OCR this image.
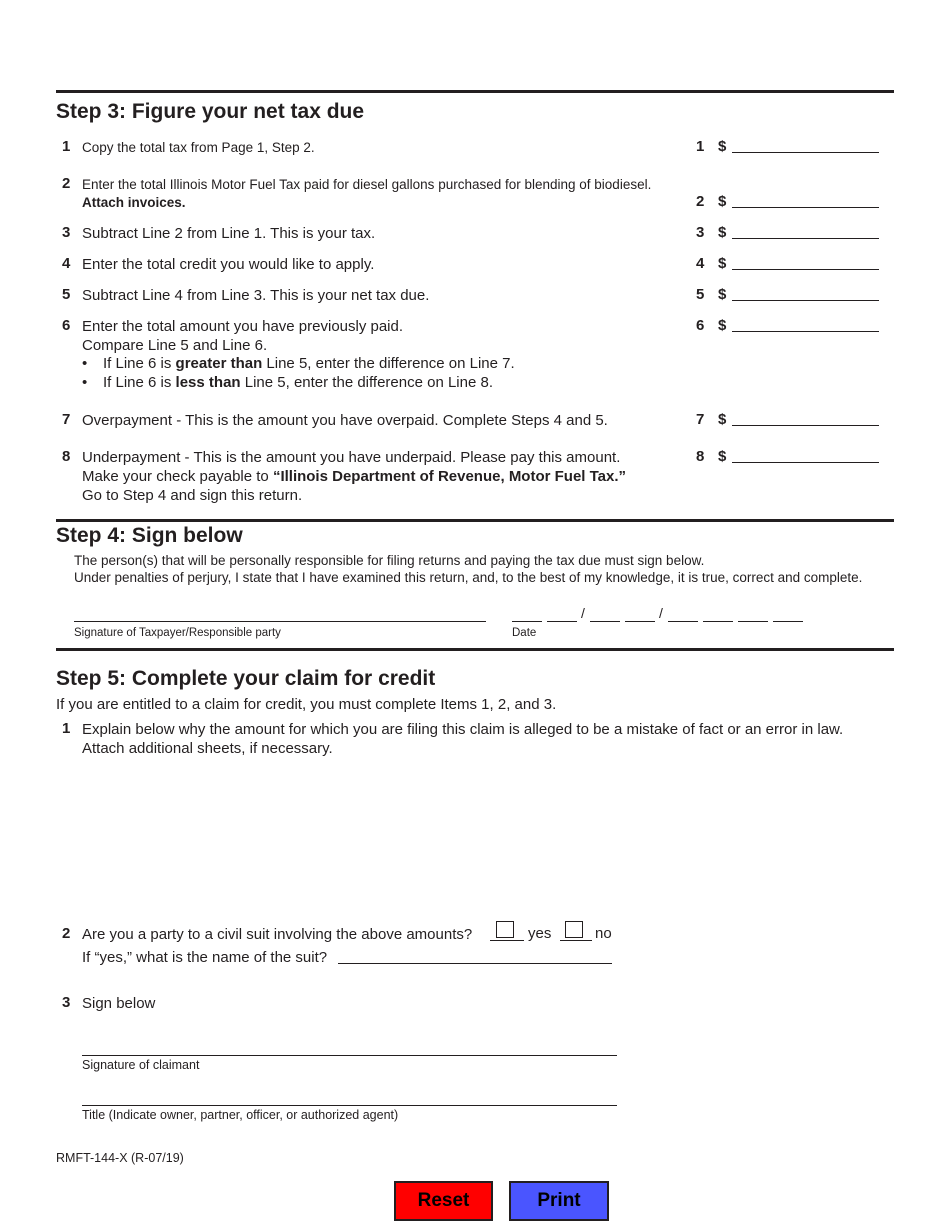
Step 3: Figure your net tax due
1 Copy the total tax from Page 1, Step 2.	1 $
2 Enter the total Illinois Motor Fuel Tax paid for diesel gallons purchased for blending of biodiesel.
Attach invoices.	2 $
3 Subtract Line 2 from Line 1. This is your tax.	3 $
4 Enter the total credit you would like to apply.	4 $
5 Subtract Line 4 from Line 3. This is your net tax due.	5 $
6 Enter the total amount you have previously paid.
Compare Line 5 and Line 6.
• If Line 6 is greater than Line 5, enter the difference on Line 7.
• If Line 6 is less than Line 5, enter the difference on Line 8.
6 $
7 Overpayment - This is the amount you have overpaid. Complete Steps 4 and 5.	7 $
8 Underpayment - This is the amount you have underpaid. Please pay this amount.
Make your check payable to “Illinois Department of Revenue, Motor Fuel Tax.”
Go to Step 4 and sign this return.
8 $
Step 4: Sign below
The person(s) that will be personally responsible for filing returns and paying the tax due must sign below.
Under penalties of perjury, I state that I have examined this return, and, to the best of my knowledge, it is true, correct and complete.
Signature of Taxpayer/Responsible party
/	/
Date
Step 5: Complete your claim for credit
If you are entitled to a claim for credit, you must complete Items 1, 2, and 3.
1 Explain below why the amount for which you are filing this claim is alleged to be a mistake of fact or an error in law.
Attach additional sheets, if necessary.
2 Are you a party to a civil suit involving the above amounts?	yes	no
If “yes,” what is the name of the suit?
3 Sign below
Signature of claimant
Title (Indicate owner, partner, officer, or authorized agent)
RMFT-144-X (R-07/19)
Reset	Print
